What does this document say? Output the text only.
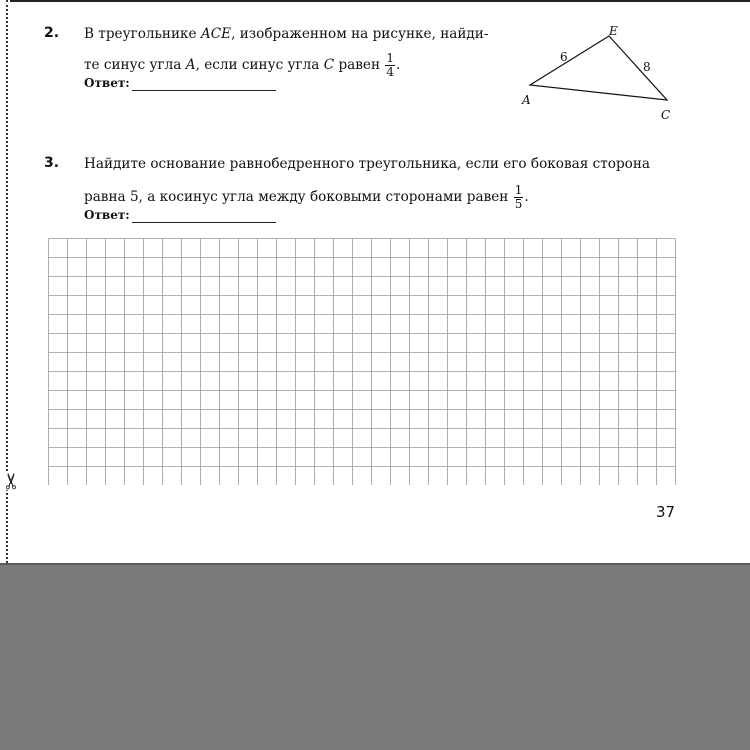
✂
2. В треугольнике ACE, изображенном на рисунке, найди-
те синус угла A, если синус угла C равен $\frac{1}{4}$ .
Ответ:
E
A
C
6
8
3. Найдите основание равнобедренного треугольника, если его боковая сторона
равна 5, а косинус угла между боковыми сторонами равен $\frac{1}{5}$ .
Ответ:
37
